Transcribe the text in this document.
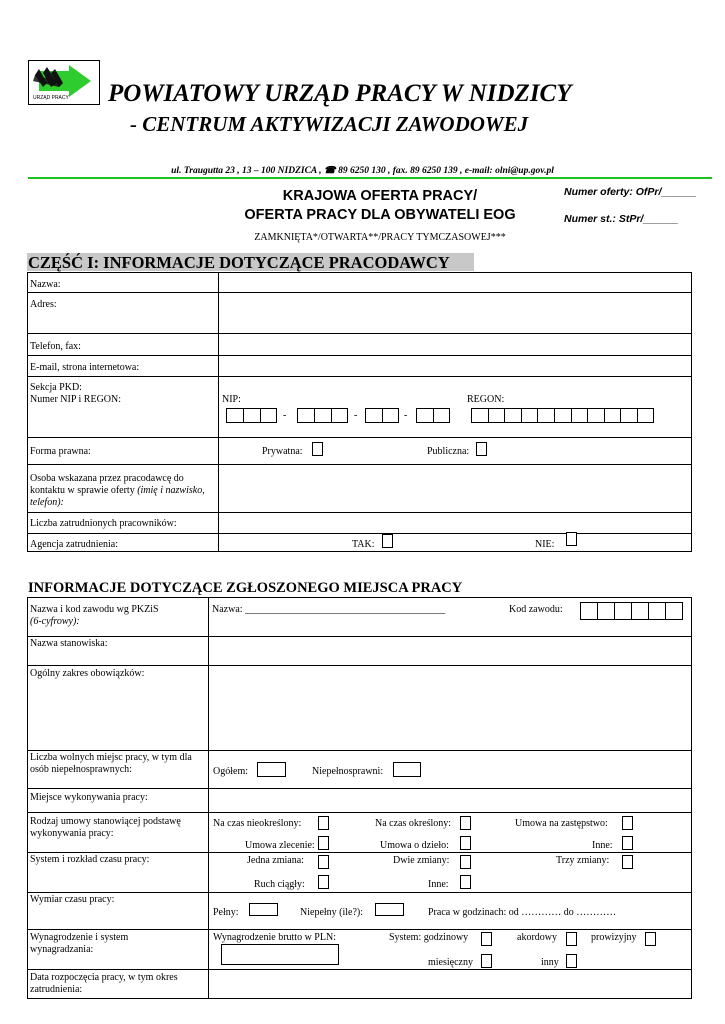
URZĄD PRACY POWIATOWY URZĄD PRACY W NIDZICY
- CENTRUM AKTYWIZACJI ZAWODOWEJ
ul. Traugutta 23 , 13 – 100 NIDZICA , ☎ 89 6250 130 , fax. 89 6250 139 , e-mail: olni@up.gov.pl
KRAJOWA OFERTA PRACY/
OFERTA PRACY DLA OBYWATELI EOG
Numer oferty: OfPr/______
Numer st.: StPr/______
ZAMKNIĘTA*/OTWARTA**/PRACY TYMCZASOWEJ***
CZĘŚĆ I: INFORMACJE DOTYCZĄCE PRACODAWCY
Nazwa:
Adres:
Telefon, fax:
E-mail, strona internetowa:
Sekcja PKD:
Numer NIP i REGON:	NIP:	REGON:
-	-	-
Forma prawna:	Prywatna:	Publiczna:
Osoba wskazana przez pracodawcę do kontaktu w sprawie oferty (imię i nazwisko, telefon):
Liczba zatrudnionych pracowników:
Agencja zatrudnienia:	TAK:	NIE:
INFORMACJE DOTYCZĄCE ZGŁOSZONEGO MIEJSCA PRACY
Nazwa i kod zawodu wg PKZiS
(6-cyfrowy):
Nazwa: ________________________________________	Kod zawodu:
Nazwa stanowiska:
Ogólny zakres obowiązków:
Liczba wolnych miejsc pracy, w tym dla osób niepełnosprawnych:	Ogółem:	Niepełnosprawni:
Miejsce wykonywania pracy:
Rodzaj umowy stanowiącej podstawę wykonywania pracy:
Na czas nieokreślony:	Na czas określony:	Umowa na zastępstwo:
Umowa zlecenie:	Umowa o dzieło:	Inne:
System i rozkład czasu pracy:	Jedna zmiana:	Dwie zmiany:	Trzy zmiany:
Ruch ciągły:	Inne:
Wymiar czasu pracy:
Pełny:	Niepełny (ile?):	Praca w godzinach: od ………… do …………
Wynagrodzenie i system wynagradzania:
Wynagrodzenie brutto w PLN:	System: godzinowy	akordowy	prowizyjny
miesięczny	inny
Data rozpoczęcia pracy, w tym okres zatrudnienia:
